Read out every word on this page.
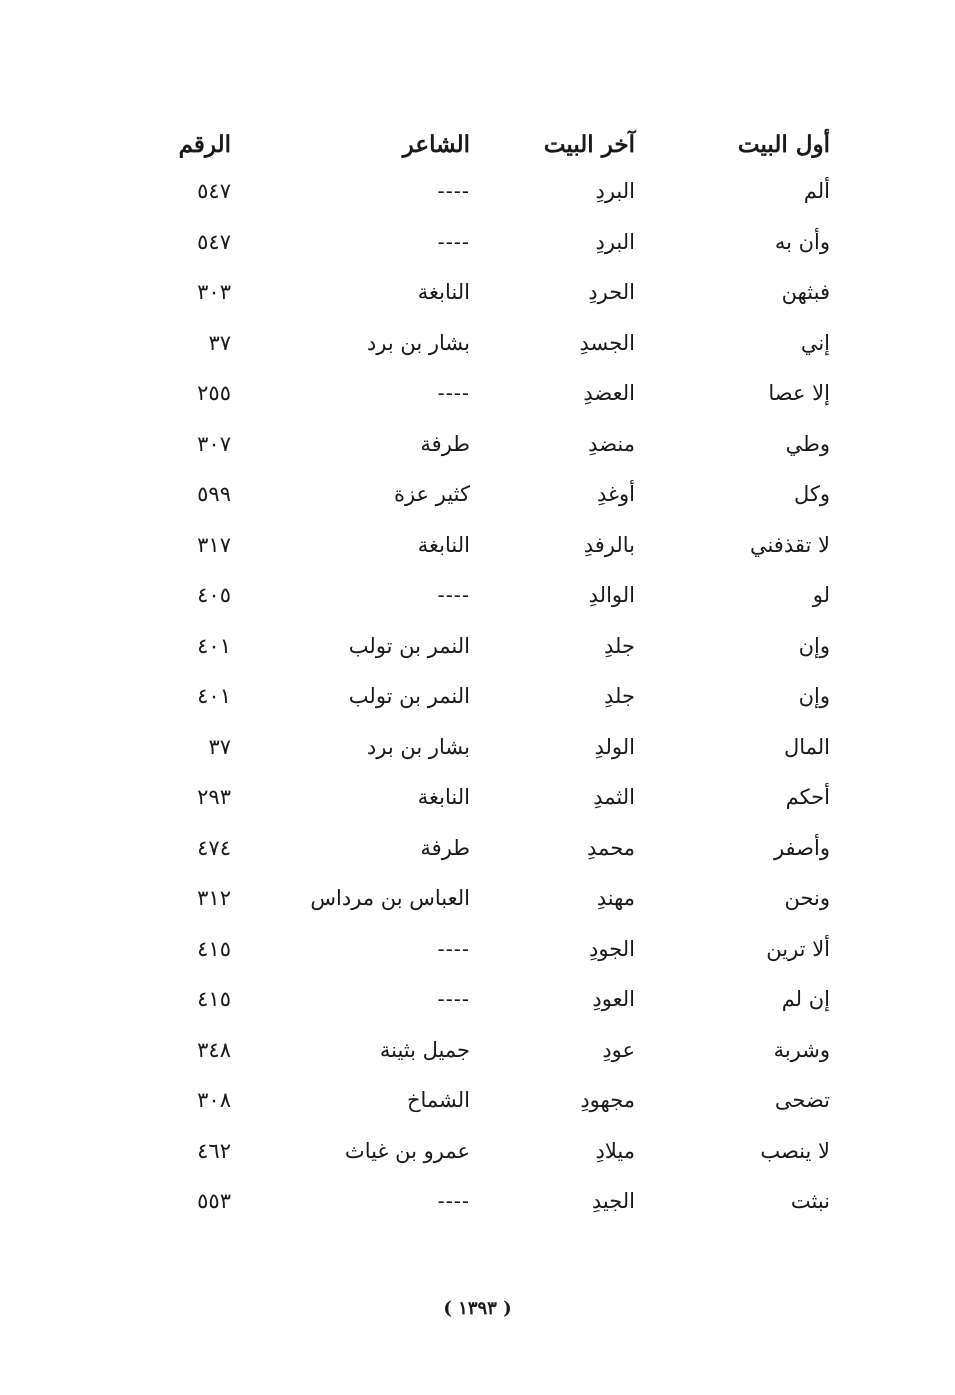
أول البيت
آخر البيت
الشاعر
الرقم
ألم
البردِ
----
٥٤٧
وأن به
البردِ
----
٥٤٧
فبثهن
الحردِ
النابغة
٣٠٣
إني
الجسدِ
بشار بن برد
٣٧
إلا عصا
العضدِ
----
٢٥٥
وطي
منضدِ
طرفة
٣٠٧
وكل
أوغدِ
كثير عزة
٥٩٩
لا تقذفني
بالرفدِ
النابغة
٣١٧
لو
الوالدِ
----
٤٠٥
وإن
جلدِ
النمر بن تولب
٤٠١
وإن
جلدِ
النمر بن تولب
٤٠١
المال
الولدِ
بشار بن برد
٣٧
أحكم
الثمدِ
النابغة
٢٩٣
وأصفر
محمدِ
طرفة
٤٧٤
ونحن
مهندِ
العباس بن مرداس
٣١٢
ألا ترين
الجودِ
----
٤١٥
إن لم
العودِ
----
٤١٥
وشربة
عودِ
جميل بثينة
٣٤٨
تضحى
مجهودِ
الشماخ
٣٠٨
لا ينصب
ميلادِ
عمرو بن غياث
٤٦٢
نبثت
الجيدِ
----
٥٥٣
( ١٣٩٣ )
